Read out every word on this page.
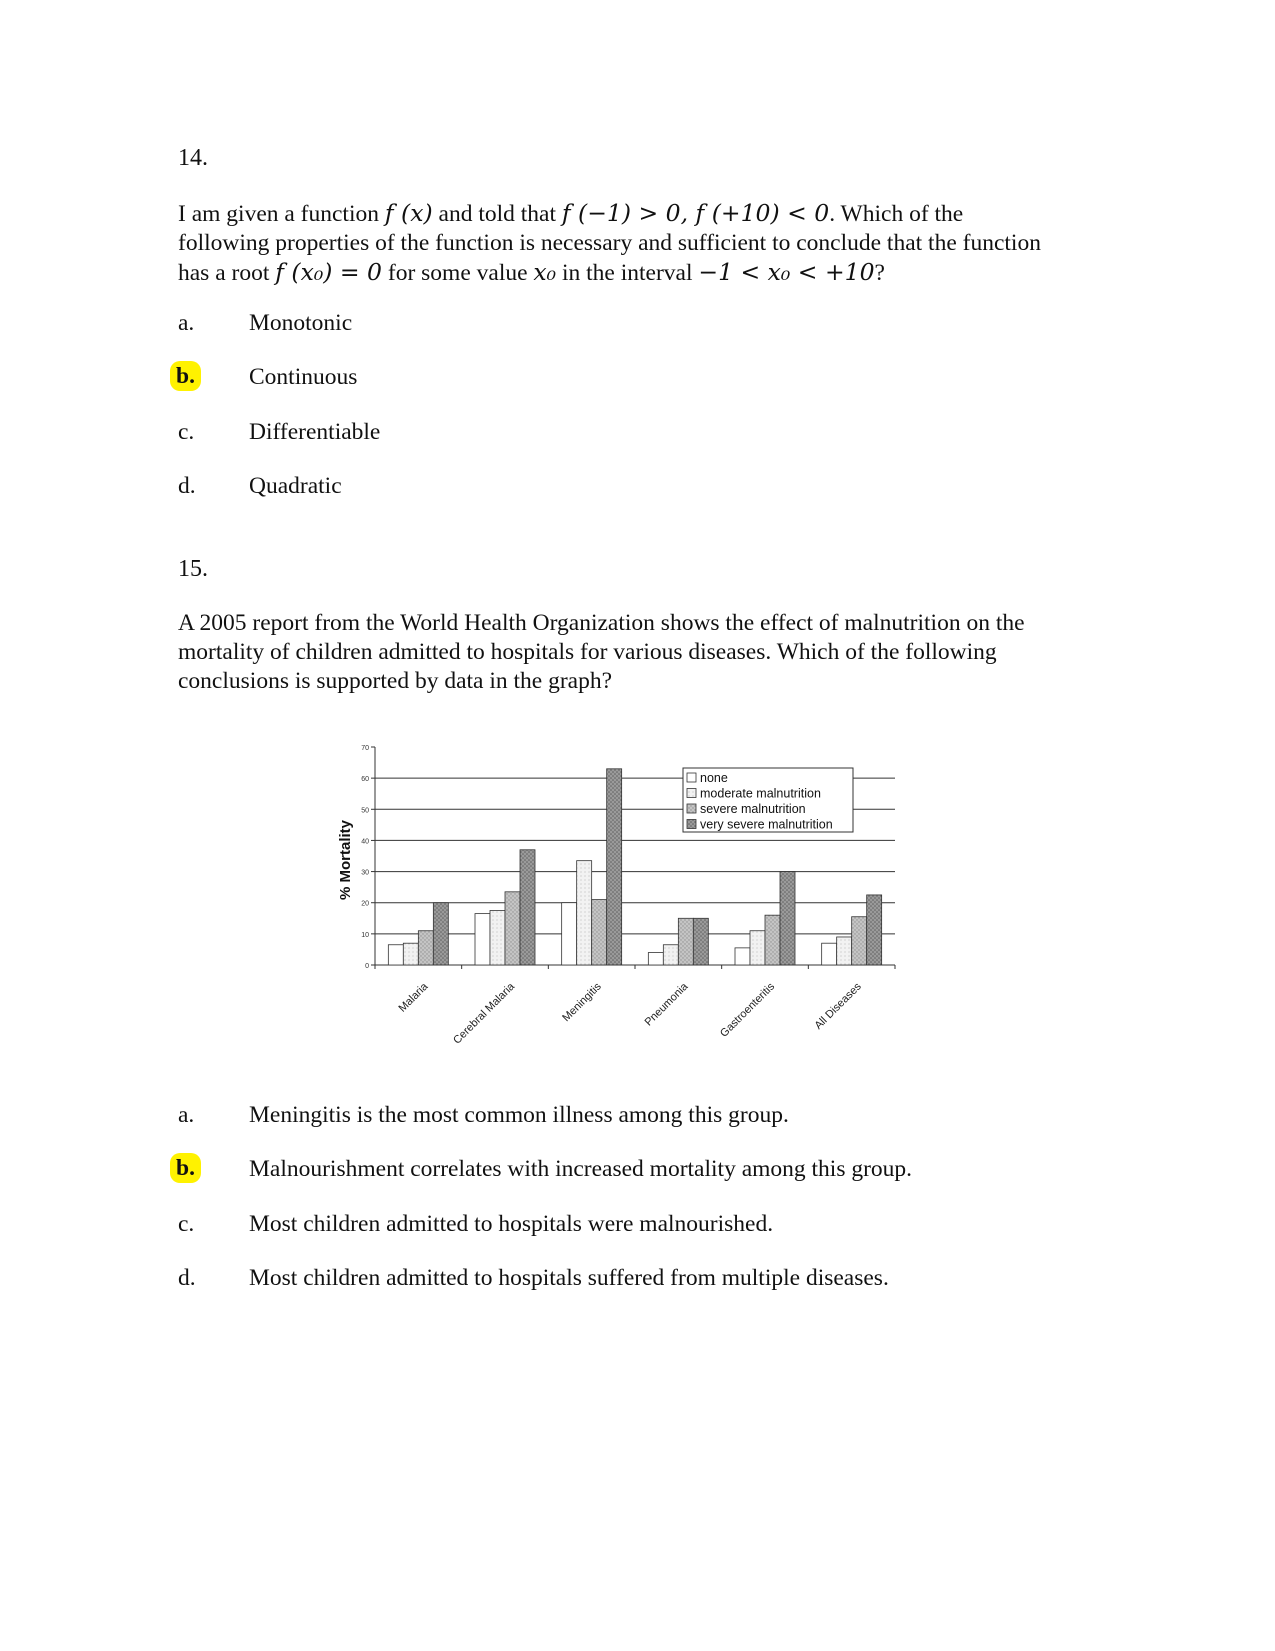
14.
I am given a function f (x) and told that f (−1) > 0, f (+10) < 0. Which of the following properties of the function is necessary and sufficient to conclude that the function has a root f (x₀) = 0 for some value x₀ in the interval −1 < x₀ < +10?
a.	Monotonic
b. Continuous
c.	Differentiable
d.	Quadratic
15.
A 2005 report from the World Health Organization shows the effect of malnutrition on the mortality of children admitted to hospitals for various diseases. Which of the following conclusions is supported by data in the graph?
0
10
20
30
40
50
60
70
Malaria Cerebral Malaria	Meningitis	Pneumonia	Gastroenteritis	All Diseases
% Mortality
none
moderate malnutrition
severe malnutrition
very severe malnutrition
a.	Meningitis is the most common illness among this group.
b. Malnourishment correlates with increased mortality among this group.
c.	Most children admitted to hospitals were malnourished.
d.	Most children admitted to hospitals suffered from multiple diseases.
